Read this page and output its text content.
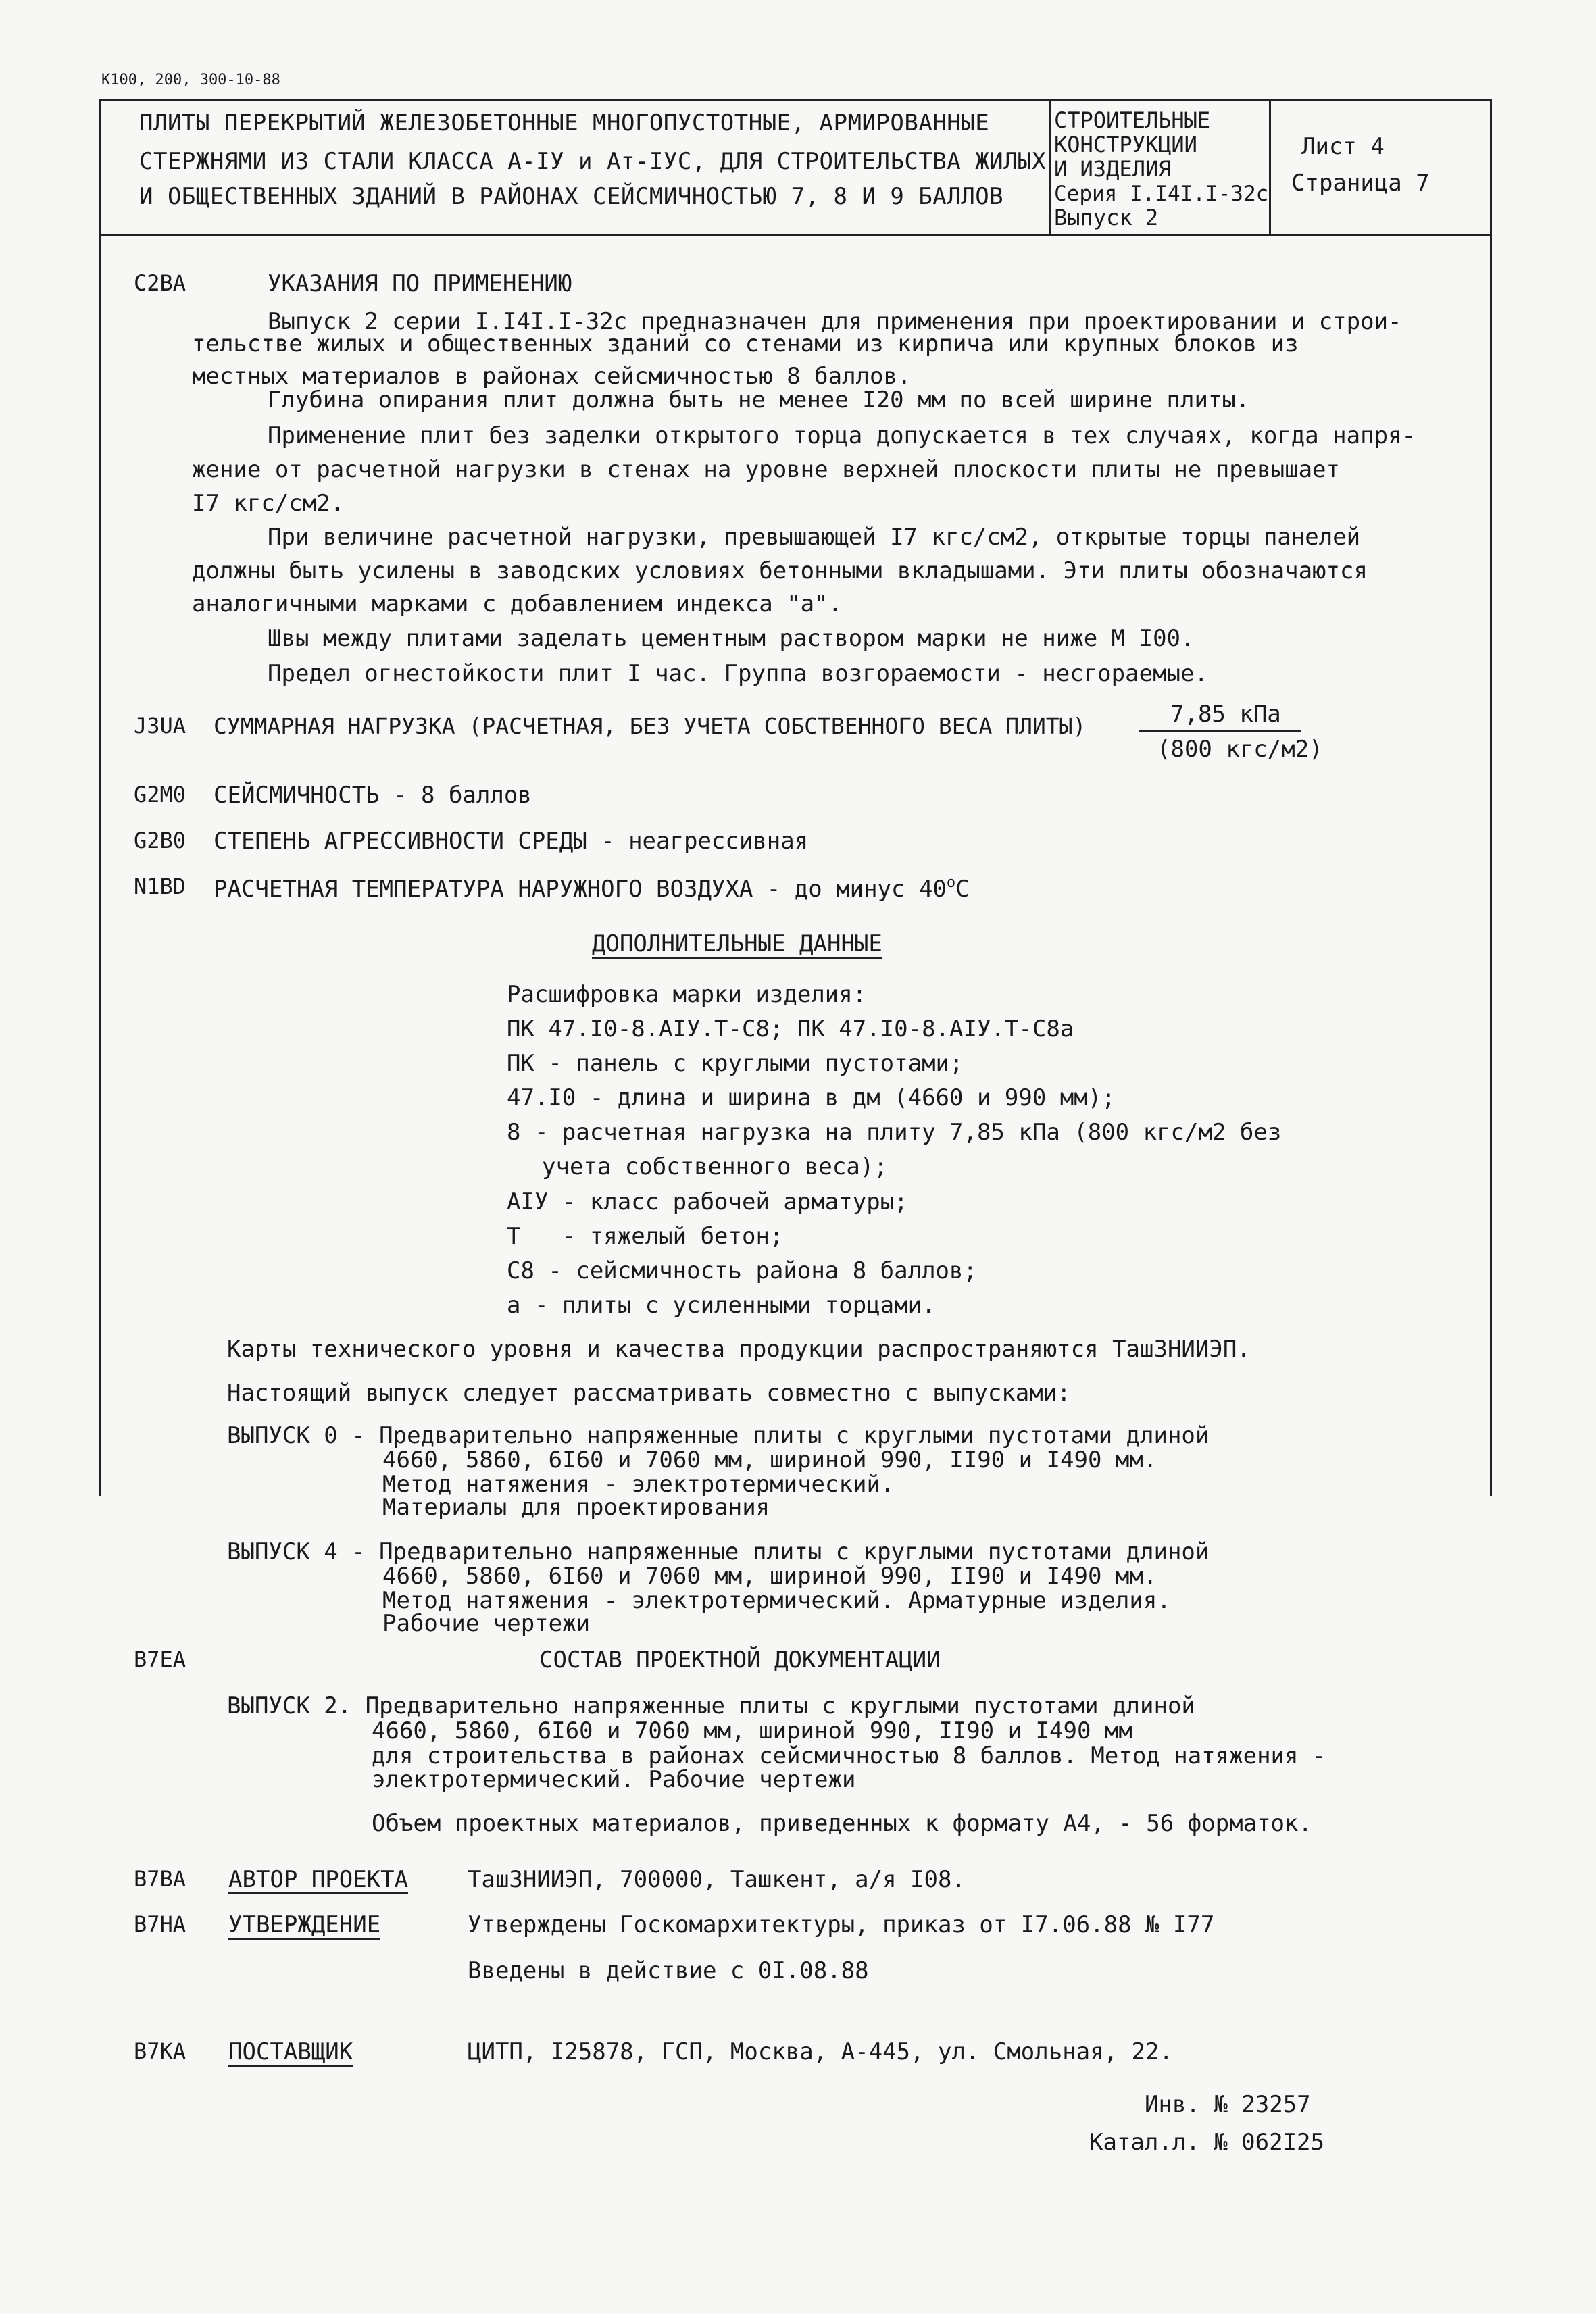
K100, 200, 300-10-88
ПЛИТЫ ПЕРЕКРЫТИЙ ЖЕЛЕЗОБЕТОННЫЕ МНОГОПУСТОТНЫЕ, АРМИРОВАННЫЕ
СТЕРЖНЯМИ ИЗ СТАЛИ КЛАССА А-IУ и Ат-IУС, ДЛЯ СТРОИТЕЛЬСТВА ЖИЛЫХ
И ОБЩЕСТВЕННЫХ ЗДАНИЙ В РАЙОНАХ СЕЙСМИЧНОСТЬЮ 7, 8 И 9 БАЛЛОВ
СТРОИТЕЛЬНЫЕ
КОНСТРУКЦИИ
И ИЗДЕЛИЯ
Серия I.I4I.I-32с
Выпуск 2
Лист 4
Страница 7
С2ВА	УКАЗАНИЯ ПО ПРИМЕНЕНИЮ
Выпуск 2 серии I.I4I.I-32с предназначен для применения при проектировании и строи-
тельстве жилых и общественных зданий со стенами из кирпича или крупных блоков из
местных материалов в районах сейсмичностью 8 баллов.
Глубина опирания плит должна быть не менее I20 мм по всей ширине плиты.
Применение плит без заделки открытого торца допускается в тех случаях, когда напря-
жение от расчетной нагрузки в стенах на уровне верхней плоскости плиты не превышает
I7 кгс/см2.
При величине расчетной нагрузки, превышающей I7 кгс/см2, открытые торцы панелей
должны быть усилены в заводских условиях бетонными вкладышами. Эти плиты обозначаются
аналогичными марками с добавлением индекса "а".
Швы между плитами заделать цементным раствором марки не ниже М I00.
Предел огнестойкости плит I час. Группа возгораемости - несгораемые.
J3UA СУММАРНАЯ НАГРУЗКА (РАСЧЕТНАЯ, БЕЗ УЧЕТА СОБСТВЕННОГО ВЕСА ПЛИТЫ)	7,85 кПа
(800 кгс/м2)
G2M0 СЕЙСМИЧНОСТЬ - 8 баллов
G2B0 СТЕПЕНЬ АГРЕССИВНОСТИ СРЕДЫ - неагрессивная
N1BD РАСЧЕТНАЯ ТЕМПЕРАТУРА НАРУЖНОГО ВОЗДУХА - до минус $40^оС$
ДОПОЛНИТЕЛЬНЫЕ ДАННЫЕ
Расшифровка марки изделия:
ПК 47.I0-8.АIУ.Т-С8; ПК 47.I0-8.АIУ.Т-С8а
ПК - панель с круглыми пустотами;
47.I0 - длина и ширина в дм (4660 и 990 мм);
8 - расчетная нагрузка на плиту 7,85 кПа (800 кгс/м2 без
учета собственного веса);
АIУ - класс рабочей арматуры;
Т   - тяжелый бетон;
С8 - сейсмичность района 8 баллов;
а - плиты с усиленными торцами.
Карты технического уровня и качества продукции распространяются ТашЗНИИЭП.
Настоящий выпуск следует рассматривать совместно с выпусками:
ВЫПУСК 0 - Предварительно напряженные плиты с круглыми пустотами длиной
4660, 5860, 6I60 и 7060 мм, шириной 990, II90 и I490 мм.
Метод натяжения - электротермический.
Материалы для проектирования
ВЫПУСК 4 - Предварительно напряженные плиты с круглыми пустотами длиной
4660, 5860, 6I60 и 7060 мм, шириной 990, II90 и I490 мм.
Метод натяжения - электротермический. Арматурные изделия.
Рабочие чертежи
B7EA	СОСТАВ ПРОЕКТНОЙ ДОКУМЕНТАЦИИ
ВЫПУСК 2. Предварительно напряженные плиты с круглыми пустотами длиной
4660, 5860, 6I60 и 7060 мм, шириной 990, II90 и I490 мм
для строительства в районах сейсмичностью 8 баллов. Метод натяжения -
электротермический. Рабочие чертежи
Объем проектных материалов, приведенных к формату А4, - 56 форматок.
B7BA АВТОР ПРОЕКТА	ТашЗНИИЭП, 700000, Ташкент, а/я I08.
B7HA УТВЕРЖДЕНИЕ	Утверждены Госкомархитектуры, приказ от I7.06.88 № I77
Введены в действие с 0I.08.88
B7KA ПОСТАВЩИК	ЦИТП, I25878, ГСП, Москва, А-445, ул. Смольная, 22.
Инв. № 23257
Катал.л. № 062I25
